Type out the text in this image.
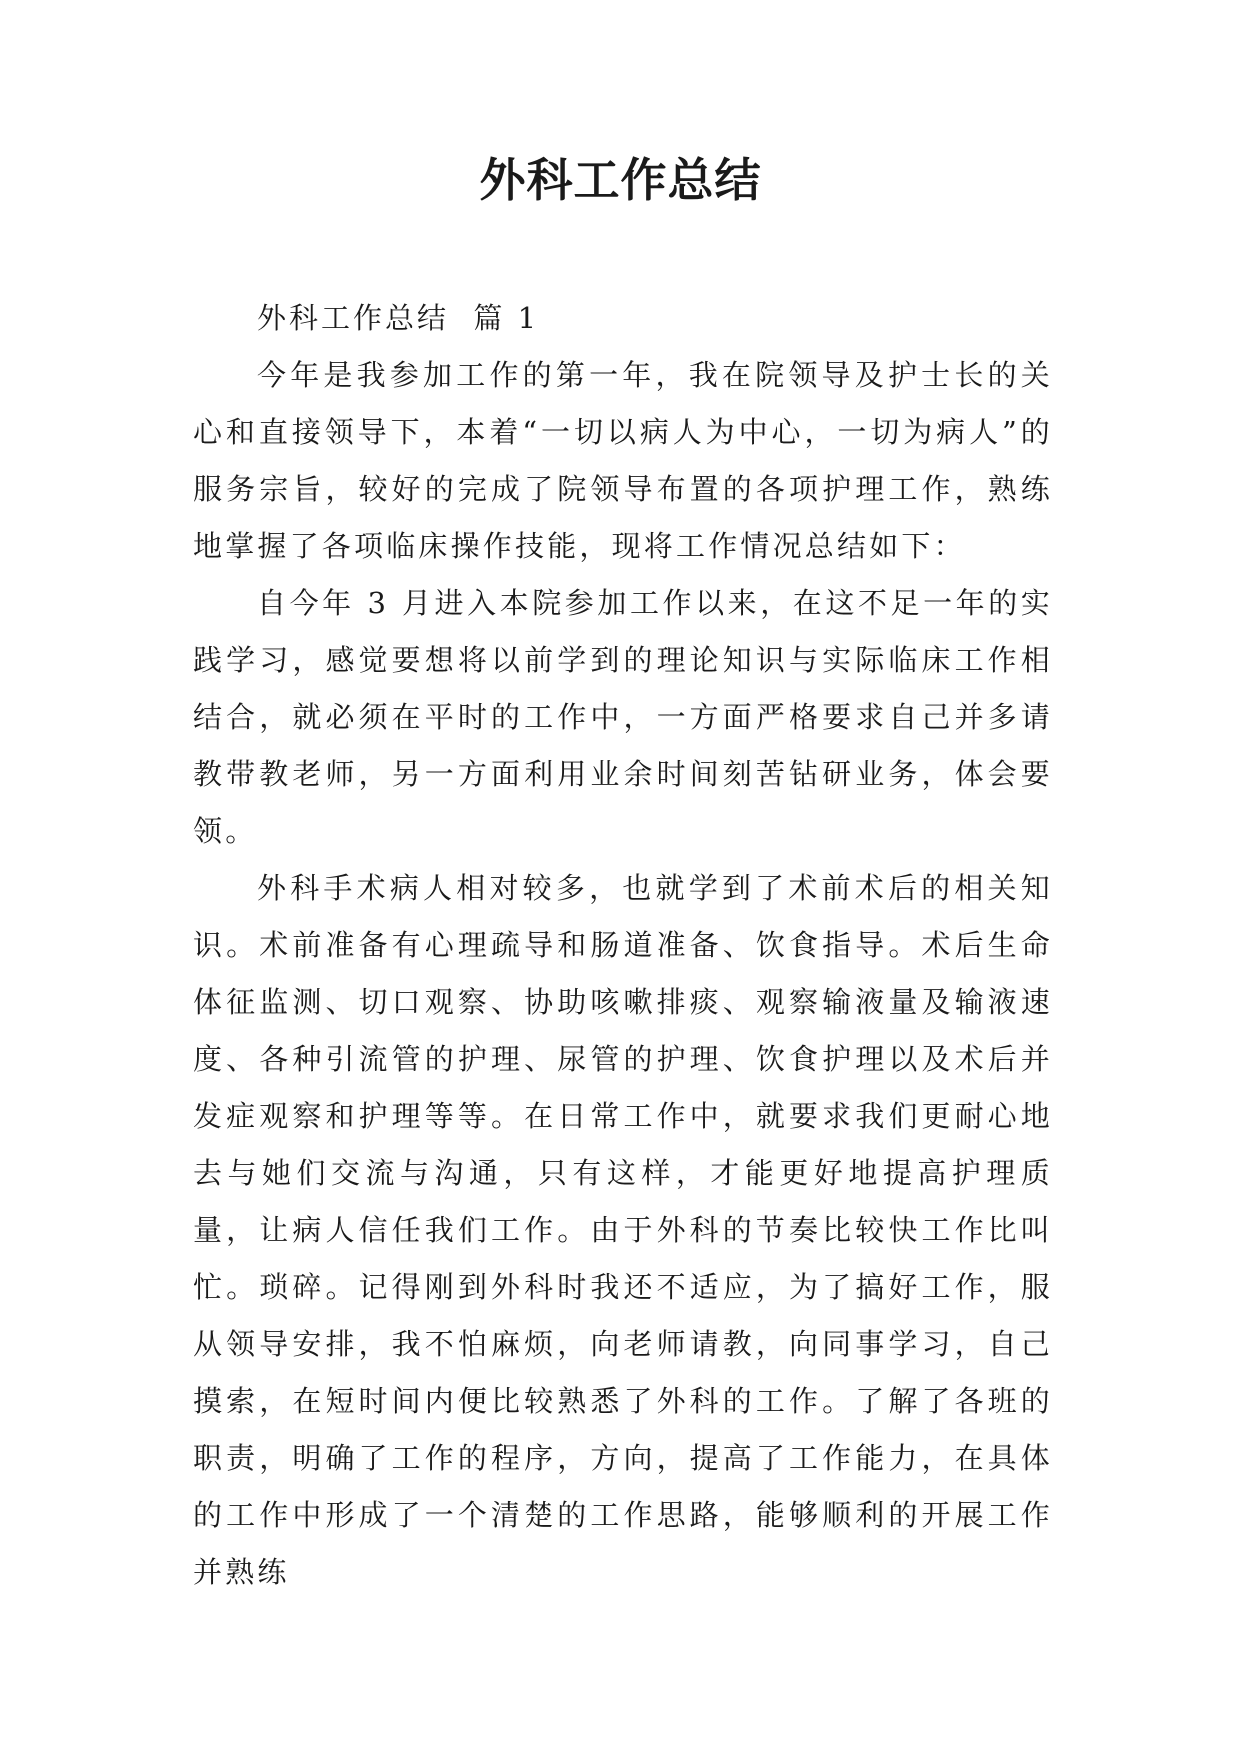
外科工作总结

外科工作总结  篇 1

今年是我参加工作的第一年，我在院领导及护士长的关心和直接领导下，本着“一切以病人为中心，一切为病人”的服务宗旨，较好的完成了院领导布置的各项护理工作，熟练地掌握了各项临床操作技能，现将工作情况总结如下：

自今年 3 月进入本院参加工作以来，在这不足一年的实践学习，感觉要想将以前学到的理论知识与实际临床工作相结合，就必须在平时的工作中，一方面严格要求自己并多请教带教老师，另一方面利用业余时间刻苦钻研业务，体会要领。

外科手术病人相对较多，也就学到了术前术后的相关知识。术前准备有心理疏导和肠道准备、饮食指导。术后生命体征监测、切口观察、协助咳嗽排痰、观察输液量及输液速度、各种引流管的护理、尿管的护理、饮食护理以及术后并发症观察和护理等等。在日常工作中，就要求我们更耐心地去与她们交流与沟通，只有这样，才能更好地提高护理质量，让病人信任我们工作。由于外科的节奏比较快工作比叫忙。琐碎。记得刚到外科时我还不适应，为了搞好工作，服从领导安排，我不怕麻烦，向老师请教，向同事学习，自己摸索，在短时间内便比较熟悉了外科的工作。了解了各班的职责，明确了工作的程序，方向，提高了工作能力，在具体的工作中形成了一个清楚的工作思路，能够顺利的开展工作并熟练
